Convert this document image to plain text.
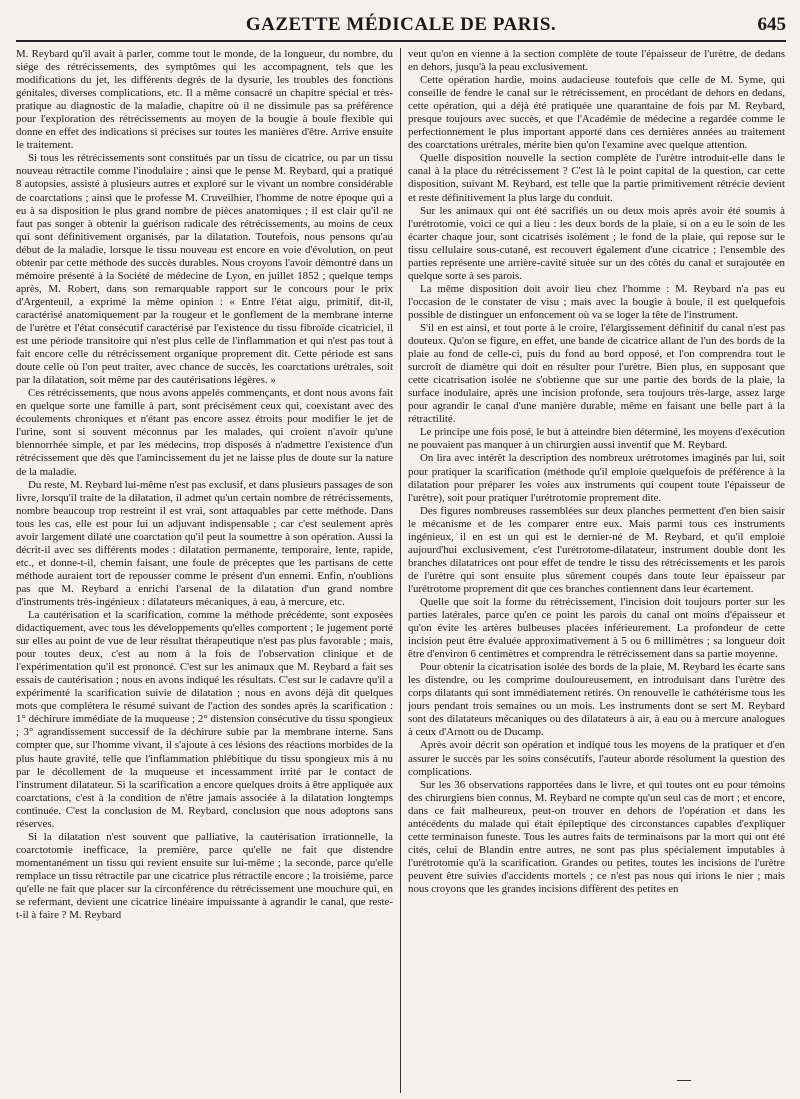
GAZETTE MÉDICALE DE PARIS.	645

M. Reybard qu'il avait à parler, comme tout le monde, de la longueur, du nombre, du siége des rétrécissements, des symptômes qui les accompagnent, tels que les modifications du jet, les différents degrés de la dysurie, les troubles des fonctions génitales, diverses complications, etc. Il a même consacré un chapitre spécial et très-pratique au diagnostic de la maladie, chapitre où il ne dissimule pas sa préférence pour l'exploration des rétrécissements au moyen de la bougie à boule flexible qui donne en effet des indications si précises sur toutes les manières d'être. Arrive ensuite le traitement.

Si tous les rétrécissements sont constitués par un tissu de cicatrice, ou par un tissu nouveau rétractile comme l'inodulaire ; ainsi que le pense M. Reybard, qui a pratiqué 8 autopsies, assisté à plusieurs autres et exploré sur le vivant un nombre considérable de coarctations ; ainsi que le professe M. Cruveilhier, l'homme de notre époque qui a eu à sa disposition le plus grand nombre de pièces anatomiques ; il est clair qu'il ne faut pas songer à obtenir la guérison radicale des rétrécissements, au moins de ceux qui sont définitivement organisés, par la dilatation. Toutefois, nous pensons qu'au début de la maladie, lorsque le tissu nouveau est encore en voie d'évolution, on peut obtenir par cette méthode des succès durables. Nous croyons l'avoir démontré dans un mémoire présenté à la Société de médecine de Lyon, en juillet 1852 ; quelque temps après, M. Robert, dans son remarquable rapport sur le concours pour le prix d'Argenteuil, a exprimé la même opinion : « Entre l'état aigu, primitif, dit-il, caractérisé anatomiquement par la rougeur et le gonflement de la membrane interne de l'urètre et l'état consécutif caractérisé par l'existence du tissu fibroïde cicatriciel, il est une période transitoire qui n'est plus celle de l'inflammation et qui n'est pas tout à fait encore celle du rétrécissement organique proprement dit. Cette période est sans doute celle où l'on peut traiter, avec chance de succès, les coarctations urétrales, soit par la dilatation, soit même par des cautérisations légères. »

Ces rétrécissements, que nous avons appelés commençants, et dont nous avons fait en quelque sorte une famille à part, sont précisément ceux qui, coexistant avec des écoulements chroniques et n'étant pas encore assez étroits pour modifier le jet de l'urine, sont si souvent méconnus par les malades, qui croient n'avoir qu'une blennorrhée simple, et par les médecins, trop disposés à n'admettre l'existence d'un rétrécissement que dès que l'amincissement du jet ne laisse plus de doute sur la nature de la maladie.

Du reste, M. Reybard lui-même n'est pas exclusif, et dans plusieurs passages de son livre, lorsqu'il traite de la dilatation, il admet qu'un certain nombre de rétrécissements, nombre beaucoup trop restreint il est vrai, sont attaquables par cette méthode. Dans tous les cas, elle est pour lui un adjuvant indispensable ; car c'est seulement après avoir largement dilaté une coarctation qu'il peut la soumettre à son opération. Aussi la décrit-il avec ses différents modes : dilatation permanente, temporaire, lente, rapide, etc., et donne-t-il, chemin faisant, une foule de préceptes que les partisans de cette méthode auraient tort de repousser comme le présent d'un ennemi. Enfin, n'oublions pas que M. Reybard a enrichi l'arsenal de la dilatation d'un grand nombre d'instruments très-ingénieux : dilatateurs mécaniques, à eau, à mercure, etc.

La cautérisation et la scarification, comme la méthode précédente, sont exposées didactiquement, avec tous les développements qu'elles comportent ; le jugement porté sur elles au point de vue de leur résultat thérapeutique n'est pas plus favorable ; mais, pour toutes deux, c'est au nom à la fois de l'observation clinique et de l'expérimentation qu'il est prononcé. C'est sur les animaux que M. Reybard a fait ses essais de cautérisation ; nous en avons indiqué les résultats. C'est sur le cadavre qu'il a expérimenté la scarification suivie de dilatation ; nous en avons déjà dit quelques mots que complétera le résumé suivant de l'action des sondes après la scarification : 1° déchirure immédiate de la muqueuse ; 2° distension consécutive du tissu spongieux ; 3° agrandissement successif de la déchirure subie par la membrane interne. Sans compter que, sur l'homme vivant, il s'ajoute à ces lésions des réactions morbides de la plus haute gravité, telle que l'inflammation phlébitique du tissu spongieux mis à nu par le décollement de la muqueuse et incessamment irrité par le contact de l'instrument dilatateur. Si la scarification a encore quelques droits à être appliquée aux coarctations, c'est à la condition de n'être jamais associée à la dilatation longtemps continuée. C'est la conclusion de M. Reybard, conclusion que nous adoptons sans réserves.

Si la dilatation n'est souvent que palliative, la cautérisation irrationnelle, la coarctotomie inefficace, la première, parce qu'elle ne fait que distendre momentanément un tissu qui revient ensuite sur lui-même ; la seconde, parce qu'elle remplace un tissu rétractile par une cicatrice plus rétractile encore ; la troisième, parce qu'elle ne fait que placer sur la circonférence du rétrécissement une mouchure qui, en se refermant, devient une cicatrice linéaire impuissante à agrandir le canal, que reste-t-il à faire ? M. Reybard

veut qu'on en vienne à la section complète de toute l'épaisseur de l'urètre, de dedans en dehors, jusqu'à la peau exclusivement.

Cette opération hardie, moins audacieuse toutefois que celle de M. Syme, qui conseille de fendre le canal sur le rétrécissement, en procédant de dehors en dedans, cette opération, qui a déjà été pratiquée une quarantaine de fois par M. Reybard, presque toujours avec succès, et que l'Académie de médecine a regardée comme le perfectionnement le plus important apporté dans ces dernières années au traitement des coarctations urétrales, mérite bien qu'on l'examine avec quelque attention.

Quelle disposition nouvelle la section complète de l'urètre introduit-elle dans le canal à la place du rétrécissement ? C'est là le point capital de la question, car cette disposition, suivant M. Reybard, est telle que la partie primitivement rétrécie devient et reste définitivement la plus large du conduit.

Sur les animaux qui ont été sacrifiés un ou deux mois après avoir été soumis à l'urétrotomie, voici ce qui a lieu : les deux bords de la plaie, si on a eu le soin de les écarter chaque jour, sont cicatrisés isolément ; le fond de la plaie, qui repose sur le tissu cellulaire sous-cutané, est recouvert également d'une cicatrice ; l'ensemble des parties représente une arrière-cavité située sur un des côtés du canal et surajoutée en quelque sorte à ses parois.

La même disposition doit avoir lieu chez l'homme : M. Reybard n'a pas eu l'occasion de le constater de visu ; mais avec la bougie à boule, il est quelquefois possible de distinguer un enfoncement où va se loger la tête de l'instrument.

S'il en est ainsi, et tout porte à le croire, l'élargissement définitif du canal n'est pas douteux. Qu'on se figure, en effet, une bande de cicatrice allant de l'un des bords de la plaie au fond de celle-ci, puis du fond au bord opposé, et l'on comprendra tout le surcroît de diamètre qui doit en résulter pour l'urètre. Bien plus, en supposant que cette cicatrisation isolée ne s'obtienne que sur une partie des bords de la plaie, la surface inodulaire, après une incision profonde, sera toujours très-large, assez large pour agrandir le canal d'une manière durable, même en faisant une belle part à la rétractilité.

Le principe une fois posé, le but à atteindre bien déterminé, les moyens d'exécution ne pouvaient pas manquer à un chirurgien aussi inventif que M. Reybard.

On lira avec intérêt la description des nombreux urétrotomes imaginés par lui, soit pour pratiquer la scarification (méthode qu'il emploie quelquefois de préférence à la dilatation pour préparer les voies aux instruments qui coupent toute l'épaisseur de l'urètre), soit pour pratiquer l'urétrotomie proprement dite.

Des figures nombreuses rassemblées sur deux planches permettent d'en bien saisir le mécanisme et de les comparer entre eux. Mais parmi tous ces instruments ingénieux, il en est un qui est le dernier-né de M. Reybard, et qu'il emploie aujourd'hui exclusivement, c'est l'urétrotome-dilatateur, instrument double dont les branches dilatatrices ont pour effet de tendre le tissu des rétrécissements et les parois de l'urètre qui sont ensuite plus sûrement coupés dans toute leur épaisseur par l'urétrotome proprement dit que ces branches contiennent dans leur écartement.

Quelle que soit la forme du rétrécissement, l'incision doit toujours porter sur les parties latérales, parce qu'en ce point les parois du canal ont moins d'épaisseur et qu'on évite les artères bulbeuses placées inférieurement. La profondeur de cette incision peut être évaluée approximativement à 5 ou 6 millimètres ; sa longueur doit être d'environ 6 centimètres et comprendra le rétrécissement dans sa partie moyenne.

Pour obtenir la cicatrisation isolée des bords de la plaie, M. Reybard les écarte sans les distendre, ou les comprime douloureusement, en introduisant dans l'urètre des corps dilatants qui sont immédiatement retirés. On renouvelle le cathétérisme tous les jours pendant trois semaines ou un mois. Les instruments dont se sert M. Reybard sont des dilatateurs mécaniques ou des dilatateurs à air, à eau ou à mercure analogues à ceux d'Arnott ou de Ducamp.

Après avoir décrit son opération et indiqué tous les moyens de la pratiquer et d'en assurer le succès par les soins consécutifs, l'auteur aborde résolument la question des complications.

Sur les 36 observations rapportées dans le livre, et qui toutes ont eu pour témoins des chirurgiens bien connus, M. Reybard ne compte qu'un seul cas de mort ; et encore, dans ce fait malheureux, peut-on trouver en dehors de l'opération et dans les antécédents du malade qui était épileptique des circonstances capables d'expliquer cette terminaison funeste. Tous les autres faits de terminaisons par la mort qui ont été cités, celui de Blandin entre autres, ne sont pas plus spécialement imputables à l'urétrotomie qu'à la scarification. Grandes ou petites, toutes les incisions de l'urètre peuvent être suivies d'accidents mortels ; ce n'est pas nous qui irions le nier ; mais nous croyons que les grandes incisions diffèrent des petites en
